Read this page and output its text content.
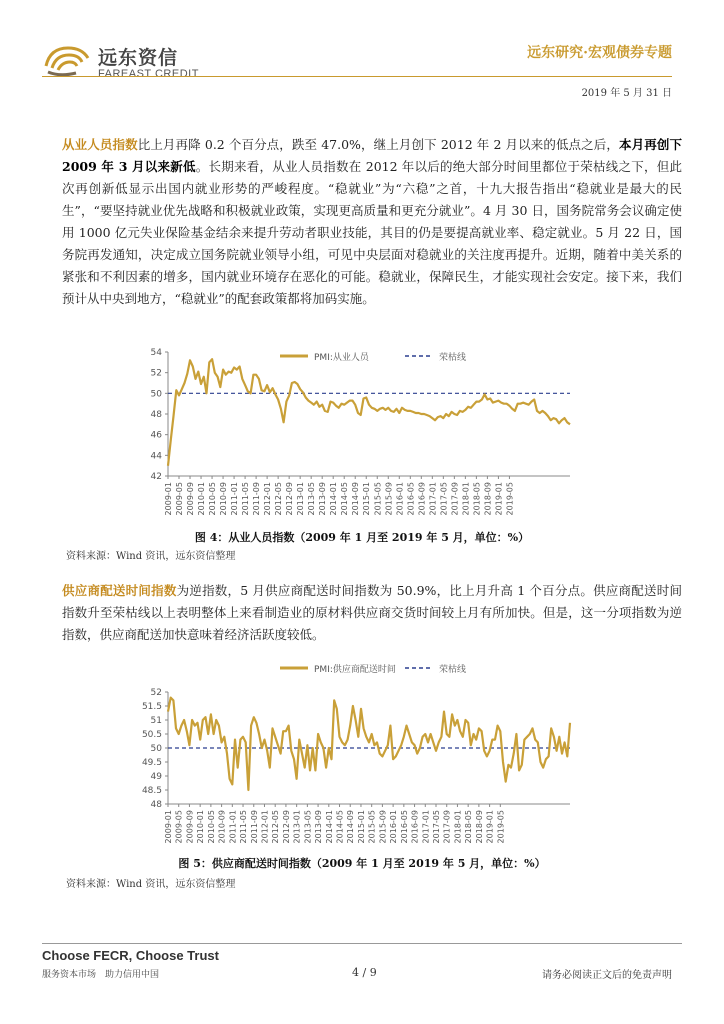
远东资信
FAREAST CREDIT
远东研究·宏观债券专题
2019 年 5 月 31 日
从业人员指数比上月再降 0.2 个百分点，跌至 47.0%，继上月创下 2012 年 2 月以来的低点之后，本月再创下 2009 年 3 月以来新低。长期来看，从业人员指数在 2012 年以后的绝大部分时间里都位于荣枯线之下，但此次再创新低显示出国内就业形势的严峻程度。“稳就业”为“六稳”之首，十九大报告指出“稳就业是最大的民生”，“要坚持就业优先战略和积极就业政策，实现更高质量和更充分就业”。4 月 30 日，国务院常务会议确定使用 1000 亿元失业保险基金结余来提升劳动者职业技能，其目的仍是要提高就业率、稳定就业。5 月 22 日，国务院再发通知，决定成立国务院就业领导小组，可见中央层面对稳就业的关注度再提升。近期，随着中美关系的紧张和不利因素的增多，国内就业环境存在恶化的可能。稳就业，保障民生，才能实现社会安定。接下来，我们预计从中央到地方，“稳就业”的配套政策都将加码实施。
PMI:从业人员	荣枯线
42
44
46
48
50
52
54
2009-01 2009-05 2009-09 2010-01 2010-05 2010-09 2011-01 2011-05 2011-09 2012-01 2012-05 2012-09 2013-01 2013-05 2013-09 2014-01 2014-05 2014-09 2015-01 2015-05 2015-09 2016-01 2016-05 2016-09 2017-01 2017-05 2017-09 2018-01 2018-05 2018-09 2019-01 2019-05
图 4：从业人员指数（2009 年 1 月至 2019 年 5 月，单位：%）
资料来源：Wind 资讯，远东资信整理
供应商配送时间指数为逆指数，5 月供应商配送时间指数为 50.9%，比上月升高 1 个百分点。供应商配送时间指数升至荣枯线以上表明整体上来看制造业的原材料供应商交货时间较上月有所加快。但是，这一分项指数为逆指数，供应商配送加快意味着经济活跃度较低。
PMI:供应商配送时间	荣枯线
48
48.5
49
49.5
50
50.5
51
51.5
52
2009-01 2009-05 2009-09 2010-01 2010-05 2010-09 2011-01 2011-05 2011-09 2012-01 2012-05 2012-09 2013-01 2013-05 2013-09 2014-01 2014-05 2014-09 2015-01 2015-05 2015-09 2016-01 2016-05 2016-09 2017-01 2017-05 2017-09 2018-01 2018-05 2018-09 2019-01 2019-05
图 5：供应商配送时间指数（2009 年 1 月至 2019 年 5 月，单位：%）
资料来源：Wind 资讯，远东资信整理
Choose FECR, Choose Trust
服务资本市场　助力信用中国	4 / 9	请务必阅读正文后的免责声明
